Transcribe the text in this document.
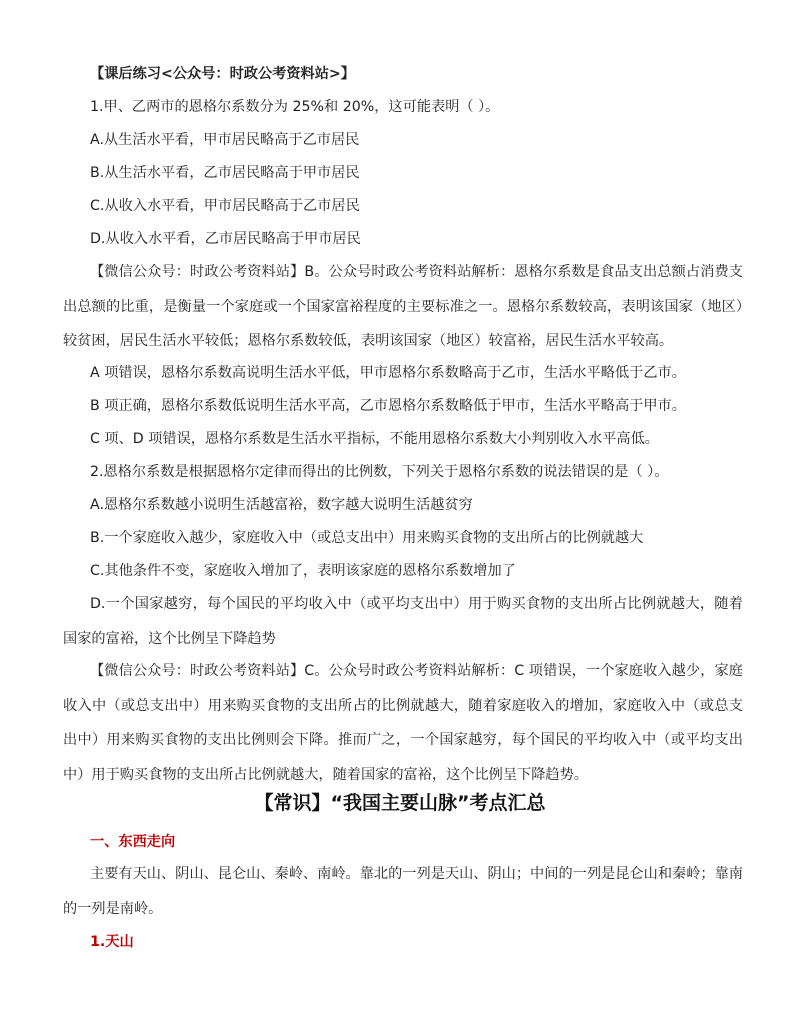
【课后练习<公众号：时政公考资料站>】

1.甲、乙两市的恩格尔系数分为 25%和 20%，这可能表明（ ）。

A.从生活水平看，甲市居民略高于乙市居民

B.从生活水平看，乙市居民略高于甲市居民

C.从收入水平看，甲市居民略高于乙市居民

D.从收入水平看，乙市居民略高于甲市居民

【微信公众号：时政公考资料站】B。公众号时政公考资料站解析：恩格尔系数是食品支出总额占消费支出总额的比重，是衡量一个家庭或一个国家富裕程度的主要标准之一。恩格尔系数较高，表明该国家（地区）较贫困，居民生活水平较低；恩格尔系数较低，表明该国家（地区）较富裕，居民生活水平较高。

A 项错误，恩格尔系数高说明生活水平低，甲市恩格尔系数略高于乙市，生活水平略低于乙市。

B 项正确，恩格尔系数低说明生活水平高，乙市恩格尔系数略低于甲市，生活水平略高于甲市。

C 项、D 项错误，恩格尔系数是生活水平指标，不能用恩格尔系数大小判别收入水平高低。

2.恩格尔系数是根据恩格尔定律而得出的比例数，下列关于恩格尔系数的说法错误的是（ ）。

A.恩格尔系数越小说明生活越富裕，数字越大说明生活越贫穷

B.一个家庭收入越少，家庭收入中（或总支出中）用来购买食物的支出所占的比例就越大

C.其他条件不变，家庭收入增加了，表明该家庭的恩格尔系数增加了

D.一个国家越穷，每个国民的平均收入中（或平均支出中）用于购买食物的支出所占比例就越大，随着国家的富裕，这个比例呈下降趋势

【微信公众号：时政公考资料站】C。公众号时政公考资料站解析：C 项错误，一个家庭收入越少，家庭收入中（或总支出中）用来购买食物的支出所占的比例就越大，随着家庭收入的增加，家庭收入中（或总支出中）用来购买食物的支出比例则会下降。推而广之，一个国家越穷，每个国民的平均收入中（或平均支出中）用于购买食物的支出所占比例就越大，随着国家的富裕，这个比例呈下降趋势。

【常识】“我国主要山脉”考点汇总

一、东西走向

主要有天山、阴山、昆仑山、秦岭、南岭。靠北的一列是天山、阴山；中间的一列是昆仑山和秦岭；靠南的一列是南岭。

1.天山
